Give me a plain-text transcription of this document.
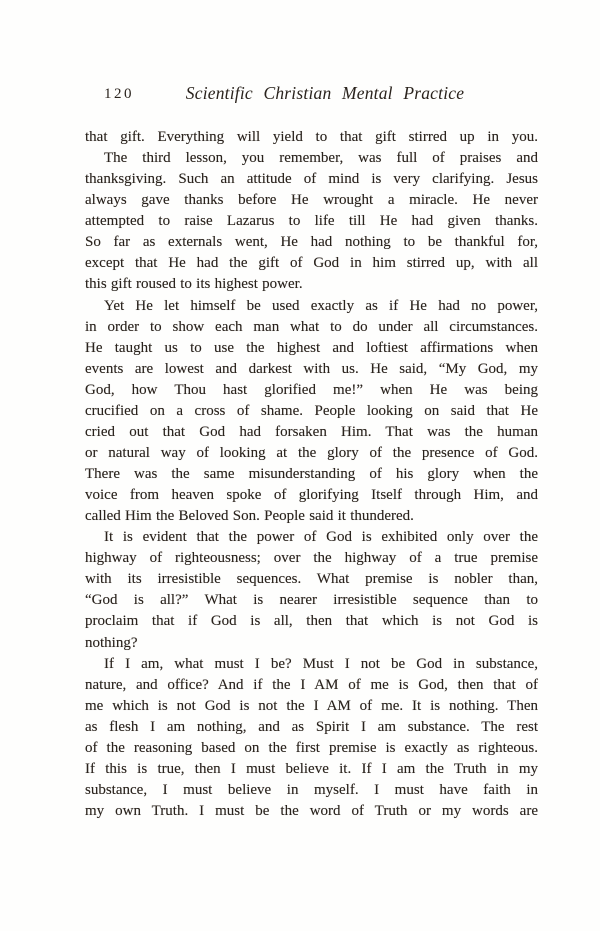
120	Scientific Christian Mental Practice
that gift. Everything will yield to that gift stirred up in you.
The third lesson, you remember, was full of praises and
thanksgiving. Such an attitude of mind is very clarifying. Jesus
always gave thanks before He wrought a miracle. He never
attempted to raise Lazarus to life till He had given thanks.
So far as externals went, He had nothing to be thankful for,
except that He had the gift of God in him stirred up, with all
this gift roused to its highest power.
Yet He let himself be used exactly as if He had no power,
in order to show each man what to do under all circumstances.
He taught us to use the highest and loftiest affirmations when
events are lowest and darkest with us. He said, “My God, my
God, how Thou hast glorified me!” when He was being
crucified on a cross of shame. People looking on said that He
cried out that God had forsaken Him. That was the human
or natural way of looking at the glory of the presence of God.
There was the same misunderstanding of his glory when the
voice from heaven spoke of glorifying Itself through Him, and
called Him the Beloved Son. People said it thundered.
It is evident that the power of God is exhibited only over the
highway of righteousness; over the highway of a true premise
with its irresistible sequences. What premise is nobler than,
“God is all?” What is nearer irresistible sequence than to
proclaim that if God is all, then that which is not God is
nothing?
If I am, what must I be? Must I not be God in substance,
nature, and office? And if the I AM of me is God, then that of
me which is not God is not the I AM of me. It is nothing. Then
as flesh I am nothing, and as Spirit I am substance. The rest
of the reasoning based on the first premise is exactly as righteous.
If this is true, then I must believe it. If I am the Truth in my
substance, I must believe in myself. I must have faith in
my own Truth. I must be the word of Truth or my words are
